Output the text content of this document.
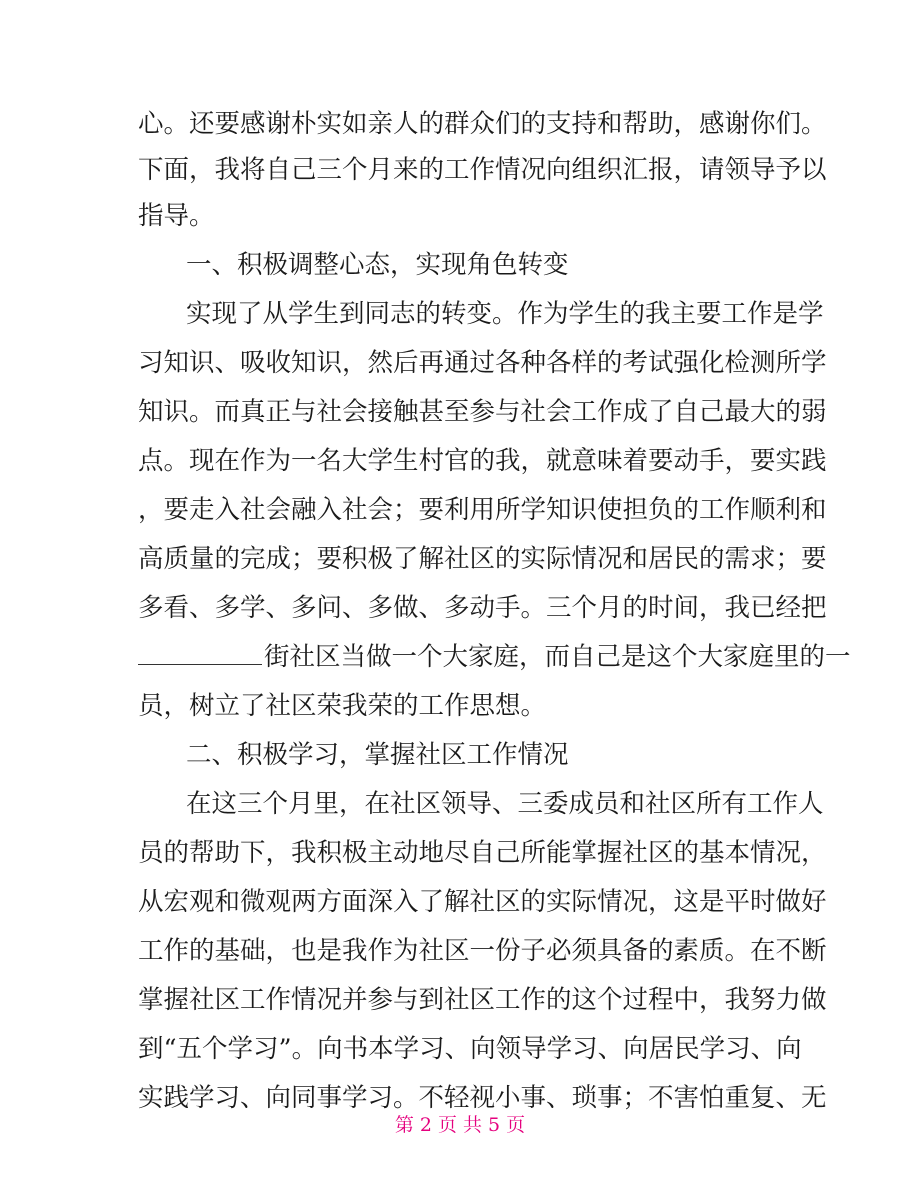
心。还要感谢朴实如亲人的群众们的支持和帮助，感谢你们。
下面，我将自己三个月来的工作情况向组织汇报，请领导予以
指导。
一、积极调整心态，实现角色转变
实现了从学生到同志的转变。作为学生的我主要工作是学
习知识、吸收知识，然后再通过各种各样的考试强化检测所学
知识。而真正与社会接触甚至参与社会工作成了自己最大的弱
点。现在作为一名大学生村官的我，就意味着要动手，要实践
，要走入社会融入社会；要利用所学知识使担负的工作顺利和
高质量的完成；要积极了解社区的实际情况和居民的需求；要
多看、多学、多问、多做、多动手。三个月的时间，我已经把
街社区当做一个大家庭，而自己是这个大家庭里的一
员，树立了社区荣我荣的工作思想。
二、积极学习，掌握社区工作情况
在这三个月里，在社区领导、三委成员和社区所有工作人
员的帮助下，我积极主动地尽自己所能掌握社区的基本情况，
从宏观和微观两方面深入了解社区的实际情况，这是平时做好
工作的基础，也是我作为社区一份子必须具备的素质。在不断
掌握社区工作情况并参与到社区工作的这个过程中，我努力做
到“五个学习”。向书本学习、向领导学习、向居民学习、向
实践学习、向同事学习。不轻视小事、琐事；不害怕重复、无
第 2 页 共 5 页
